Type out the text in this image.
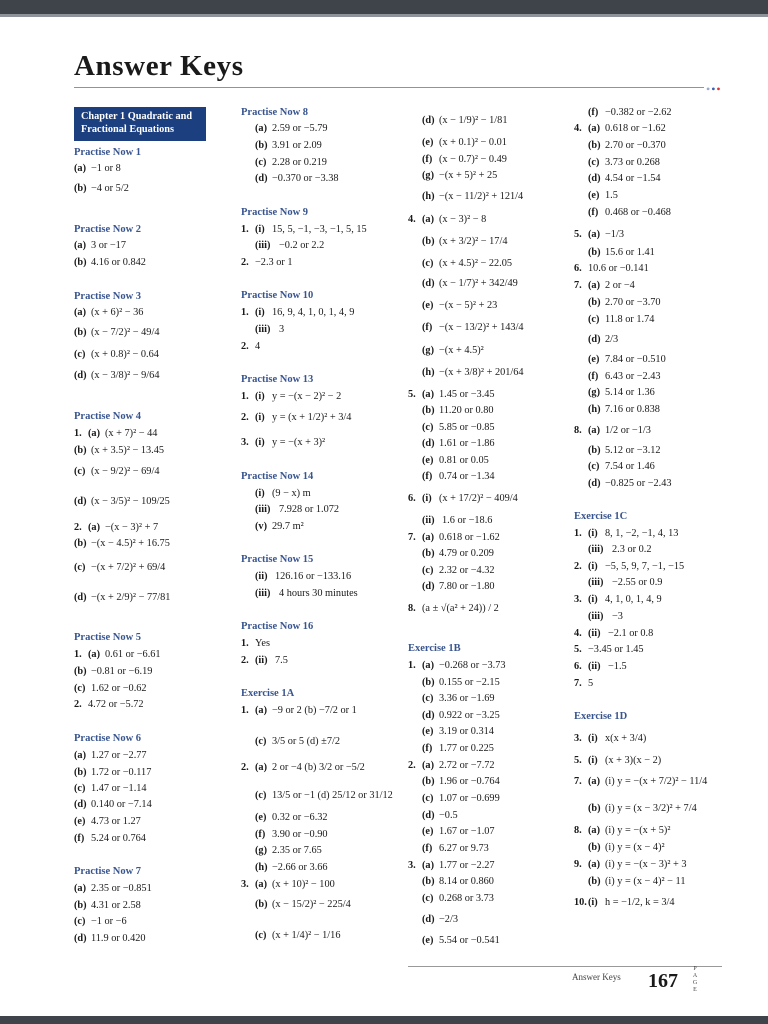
Answer Keys
•••
Chapter 1 Quadratic and
Fractional Equations
Practise Now 1
(a) −1 or 8
(b) −4 or 5/2
Practise Now 2
(a) 3 or −17
(b) 4.16 or 0.842
Practise Now 3
(a) (x + 6)² − 36
(b) (x − 7/2)² − 49/4
(c) (x + 0.8)² − 0.64
(d) (x − 3/8)² − 9/64
Practise Now 4
1. (a) (x + 7)² − 44
(b) (x + 3.5)² − 13.45
(c) (x − 9/2)² − 69/4
(d) (x − 3/5)² − 109/25
2. (a) −(x − 3)² + 7
(b) −(x − 4.5)² + 16.75
(c) −(x + 7/2)² + 69/4
(d) −(x + 2/9)² − 77/81
Practise Now 5
1. (a) 0.61 or −6.61
(b) −0.81 or −6.19
(c) 1.62 or −0.62
2. 4.72 or −5.72
Practise Now 6
(a) 1.27 or −2.77
(b) 1.72 or −0.117
(c) 1.47 or −1.14
(d) 0.140 or −7.14
(e) 4.73 or 1.27
(f) 5.24 or 0.764
Practise Now 7
(a) 2.35 or −0.851
(b) 4.31 or 2.58
(c) −1 or −6
(d) 11.9 or 0.420
Practise Now 8
(a) 2.59 or −5.79
(b) 3.91 or 2.09
(c) 2.28 or 0.219
(d) −0.370 or −3.38
Practise Now 9
1. (i) 15, 5, −1, −3, −1, 5, 15
(iii) −0.2 or 2.2
2. −2.3 or 1
Practise Now 10
1. (i) 16, 9, 4, 1, 0, 1, 4, 9
(iii) 3
2. 4
Practise Now 13
1. (i) y = −(x − 2)² − 2
2. (i) y = (x + 1/2)² + 3/4
3. (i) y = −(x + 3)²
Practise Now 14
(i) (9 − x) m
(iii) 7.928 or 1.072
(v) 29.7 m²
Practise Now 15
(ii) 126.16 or −133.16
(iii) 4 hours 30 minutes
Practise Now 16
1. Yes
2. (ii) 7.5
Exercise 1A
1. (a) −9 or 2 (b) −7/2 or 1
(c) 3/5 or 5 (d) ±7/2
2. (a) 2 or −4 (b) 3/2 or −5/2
(c) 13/5 or −1 (d) 25/12 or 31/12
(e) 0.32 or −6.32
(f) 3.90 or −0.90
(g) 2.35 or 7.65
(h) −2.66 or 3.66
3. (a) (x + 10)² − 100
(b) (x − 15/2)² − 225/4
(c) (x + 1/4)² − 1/16
(d) (x − 1/9)² − 1/81
(e) (x + 0.1)² − 0.01
(f) (x − 0.7)² − 0.49
(g) −(x + 5)² + 25
(h) −(x − 11/2)² + 121/4
4. (a) (x − 3)² − 8
(b) (x + 3/2)² − 17/4
(c) (x + 4.5)² − 22.05
(d) (x − 1/7)² + 342/49
(e) −(x − 5)² + 23
(f) −(x − 13/2)² + 143/4
(g) −(x + 4.5)²
(h) −(x + 3/8)² + 201/64
5. (a) 1.45 or −3.45
(b) 11.20 or 0.80
(c) 5.85 or −0.85
(d) 1.61 or −1.86
(e) 0.81 or 0.05
(f) 0.74 or −1.34
6. (i) (x + 17/2)² − 409/4
(ii) 1.6 or −18.6
7. (a) 0.618 or −1.62
(b) 4.79 or 0.209
(c) 2.32 or −4.32
(d) 7.80 or −1.80
8. (a ± √(a² + 24)) / 2
Exercise 1B
1. (a) −0.268 or −3.73
(b) 0.155 or −2.15
(c) 3.36 or −1.69
(d) 0.922 or −3.25
(e) 3.19 or 0.314
(f) 1.77 or 0.225
2. (a) 2.72 or −7.72
(b) 1.96 or −0.764
(c) 1.07 or −0.699
(d) −0.5
(e) 1.67 or −1.07
(f) 6.27 or 9.73
3. (a) 1.77 or −2.27
(b) 8.14 or 0.860
(c) 0.268 or 3.73
(d) −2/3
(e) 5.54 or −0.541
(f) −0.382 or −2.62
4. (a) 0.618 or −1.62
(b) 2.70 or −0.370
(c) 3.73 or 0.268
(d) 4.54 or −1.54
(e) 1.5
(f) 0.468 or −0.468
5. (a) −1/3
(b) 15.6 or 1.41
6. 10.6 or −0.141
7. (a) 2 or −4
(b) 2.70 or −3.70
(c) 11.8 or 1.74
(d) 2/3
(e) 7.84 or −0.510
(f) 6.43 or −2.43
(g) 5.14 or 1.36
(h) 7.16 or 0.838
8. (a) 1/2 or −1/3
(b) 5.12 or −3.12
(c) 7.54 or 1.46
(d) −0.825 or −2.43
Exercise 1C
1. (i) 8, 1, −2, −1, 4, 13
(iii) 2.3 or 0.2
2. (i) −5, 5, 9, 7, −1, −15
(iii) −2.55 or 0.9
3. (i) 4, 1, 0, 1, 4, 9
(iii) −3
4. (ii) −2.1 or 0.8
5. −3.45 or 1.45
6. (ii) −1.5
7. 5
Exercise 1D
3. (i) x(x + 3/4)
5. (i) (x + 3)(x − 2)
7. (a) (i) y = −(x + 7/2)² − 11/4
(b) (i) y = (x − 3/2)² + 7/4
8. (a) (i) y = −(x + 5)²
(b) (i) y = (x − 4)²
9. (a) (i) y = −(x − 3)² + 3
(b) (i) y = (x − 4)² − 11
10. (i) h = −1/2, k = 3/4
Answer Keys 167
P
A
G
E
